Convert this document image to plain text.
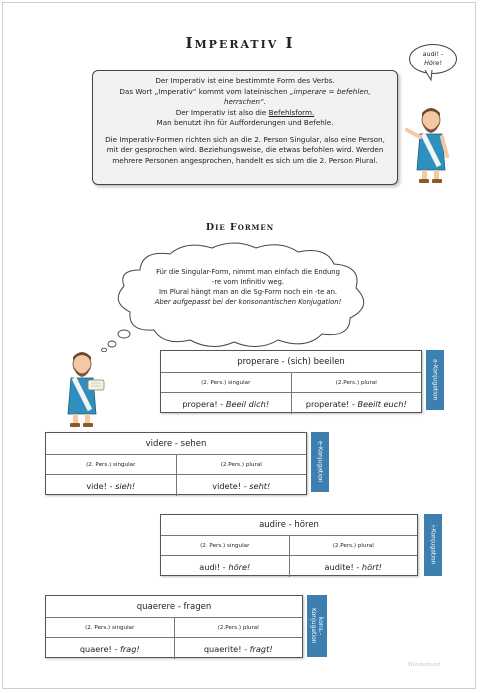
Imperativ I
audi! -
Höre!
Der Imperativ ist eine bestimmte Form des Verbs.
Das Wort „Imperativ“ kommt vom lateinischen „imperare = befehlen, herrschen“.
Der Imperativ ist also die Befehlsform.
Man benutzt ihn für Aufforderungen und Befehle.
Die Imperativ-Formen richten sich an die 2. Person Singular, also eine Person, mit der gesprochen wird. Beziehungsweise, die etwas befohlen wird. Werden mehrere Personen angesprochen, handelt es sich um die 2. Person Plural.
Die Formen
Für die Singular-Form, nimmt man einfach die Endung
-re vom Infinitiv weg.
Im Plural hängt man an die Sg-Form noch ein -te an.
Aber aufgepasst bei der konsonantischen Konjugation!
properare - (sich) beeilen
(2. Pers.) singular	(2.Pers.) plural
propera! - Beeil dich!	properate! - Beeilt euch!
a-Konjugation
videre - sehen
(2. Pers.) singular	(2.Pers.) plural
vide! - sieh!	videte! - seht!
e-Konjugation
audire - hören
(2. Pers.) singular	(2.Pers.) plural
audi! - höre!	audite! - hört!
i-Konjugation
quaerere - fragen
(2. Pers.) singular	(2.Pers.) plural
quaere! - frag!	quaerite! - fragt!
kons.-
Konjugation
Wunderbund
